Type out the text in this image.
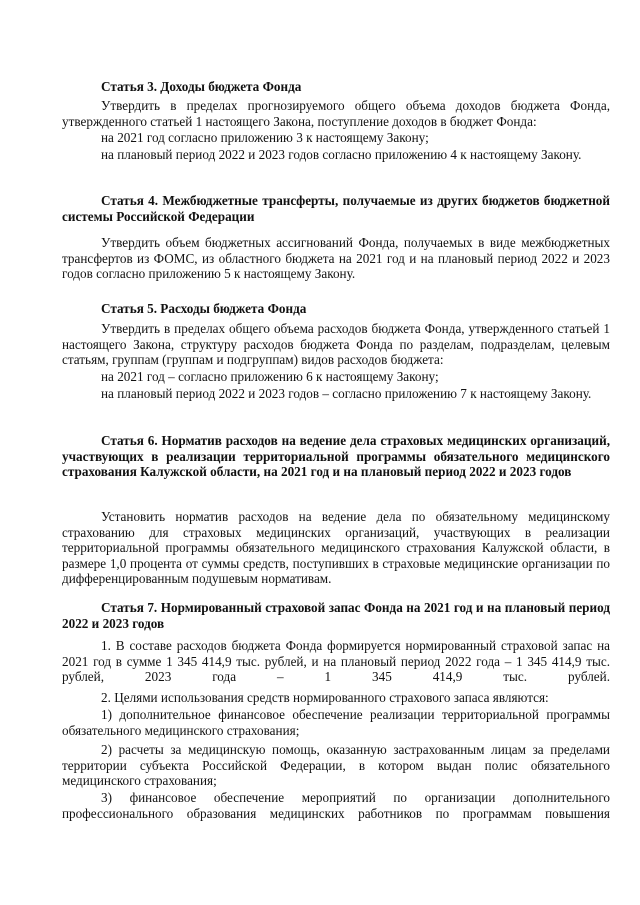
Статья 3. Доходы бюджета Фонда

Утвердить в пределах прогнозируемого общего объема доходов бюджета Фонда, утвержденного статьей 1 настоящего Закона, поступление доходов в бюджет Фонда:

на 2021 год согласно приложению 3 к настоящему Закону;

на плановый период 2022 и 2023 годов согласно приложению 4 к настоящему Закону.

Статья 4. Межбюджетные трансферты, получаемые из других бюджетов бюджетной системы Российской Федерации

Утвердить объем бюджетных ассигнований Фонда, получаемых в виде межбюджетных трансфертов из ФОМС, из областного бюджета на 2021 год и на плановый период 2022 и 2023 годов согласно приложению 5 к настоящему Закону.

Статья 5. Расходы бюджета Фонда

Утвердить в пределах общего объема расходов бюджета Фонда, утвержденного статьей 1 настоящего Закона, структуру расходов бюджета Фонда по разделам, подразделам, целевым статьям, группам (группам и подгруппам) видов расходов бюджета:

на 2021 год – согласно приложению 6 к настоящему Закону;

на плановый период 2022 и 2023 годов – согласно приложению 7 к настоящему Закону.

Статья 6. Норматив расходов на ведение дела страховых медицинских организаций, участвующих в реализации территориальной программы обязательного медицинского страхования Калужской области, на 2021 год и на плановый период 2022 и 2023 годов

Установить норматив расходов на ведение дела по обязательному медицинскому страхованию для страховых медицинских организаций, участвующих в реализации территориальной программы обязательного медицинского страхования Калужской области, в размере 1,0 процента от суммы средств, поступивших в страховые медицинские организации по дифференцированным подушевым нормативам.

Статья 7. Нормированный страховой запас Фонда на 2021 год и на плановый период 2022 и 2023 годов

1. В составе расходов бюджета Фонда формируется нормированный страховой запас на 2021 год в сумме 1 345 414,9 тыс. рублей, и на плановый период 2022 года – 1 345 414,9 тыс. рублей, 2023 года – 1 345 414,9 тыс. рублей.

2. Целями использования средств нормированного страхового запаса являются:

1) дополнительное финансовое обеспечение реализации территориальной программы обязательного медицинского страхования;

2) расчеты за медицинскую помощь, оказанную застрахованным лицам за пределами территории субъекта Российской Федерации, в котором выдан полис обязательного медицинского страхования;

3) финансовое обеспечение мероприятий по организации дополнительного профессионального образования медицинских работников по программам повышения
